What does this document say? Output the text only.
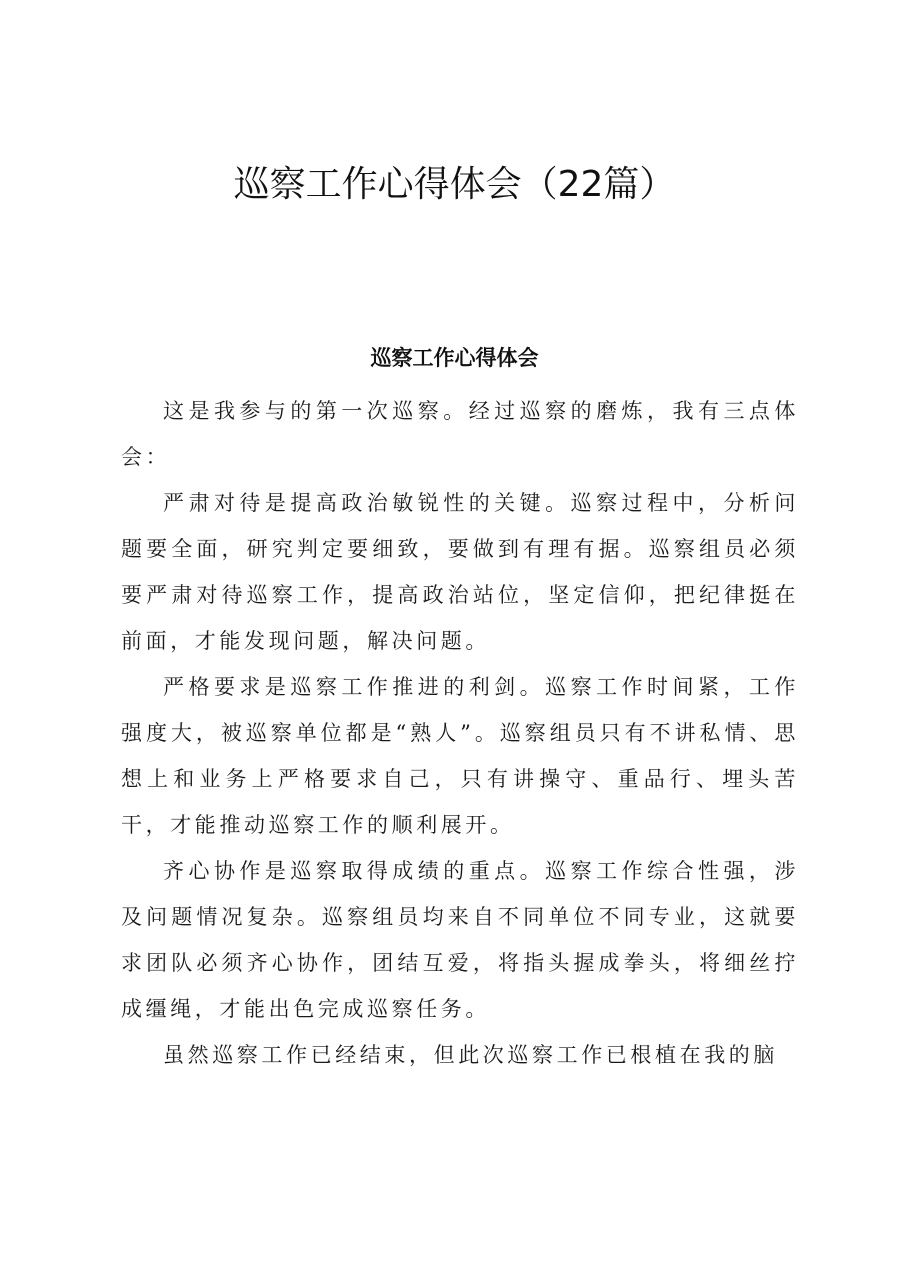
巡察工作心得体会（22篇）
巡察工作心得体会

这是我参与的第一次巡察。经过巡察的磨炼，我有三点体会：

严肃对待是提高政治敏锐性的关键。巡察过程中，分析问题要全面，研究判定要细致，要做到有理有据。巡察组员必须要严肃对待巡察工作，提高政治站位，坚定信仰，把纪律挺在前面，才能发现问题，解决问题。

严格要求是巡察工作推进的利剑。巡察工作时间紧，工作强度大，被巡察单位都是“熟人”。巡察组员只有不讲私情、思想上和业务上严格要求自己，只有讲操守、重品行、埋头苦干，才能推动巡察工作的顺利展开。

齐心协作是巡察取得成绩的重点。巡察工作综合性强，涉及问题情况复杂。巡察组员均来自不同单位不同专业，这就要求团队必须齐心协作，团结互爱，将指头握成拳头，将细丝拧成缰绳，才能出色完成巡察任务。

虽然巡察工作已经结束，但此次巡察工作已根植在我的脑
